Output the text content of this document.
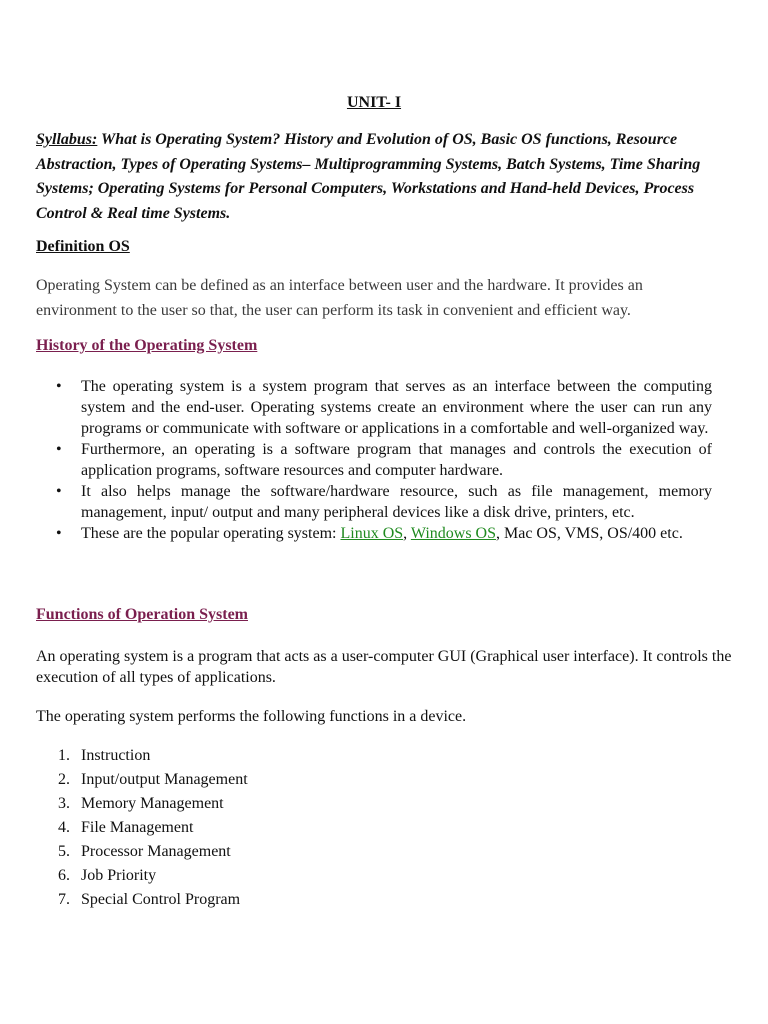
UNIT- I
Syllabus: What is Operating System? History and Evolution of OS, Basic OS functions, Resource Abstraction, Types of Operating Systems– Multiprogramming Systems, Batch Systems, Time Sharing Systems; Operating Systems for Personal Computers, Workstations and Hand-held Devices, Process Control & Real time Systems.
Definition OS
Operating System can be defined as an interface between user and the hardware. It provides an environment to the user so that, the user can perform its task in convenient and efficient way.
History of the Operating System
• The operating system is a system program that serves as an interface between the computing system and the end-user. Operating systems create an environment where the user can run any programs or communicate with software or applications in a comfortable and well-organized way.
• Furthermore, an operating is a software program that manages and controls the execution of application programs, software resources and computer hardware.
• It also helps manage the software/hardware resource, such as file management, memory management, input/ output and many peripheral devices like a disk drive, printers, etc.
• These are the popular operating system: Linux OS, Windows OS, Mac OS, VMS, OS/400 etc.
Functions of Operation System
An operating system is a program that acts as a user-computer GUI (Graphical user interface). It controls the execution of all types of applications.
The operating system performs the following functions in a device.
1. Instruction
2. Input/output Management
3. Memory Management
4. File Management
5. Processor Management
6. Job Priority
7. Special Control Program
